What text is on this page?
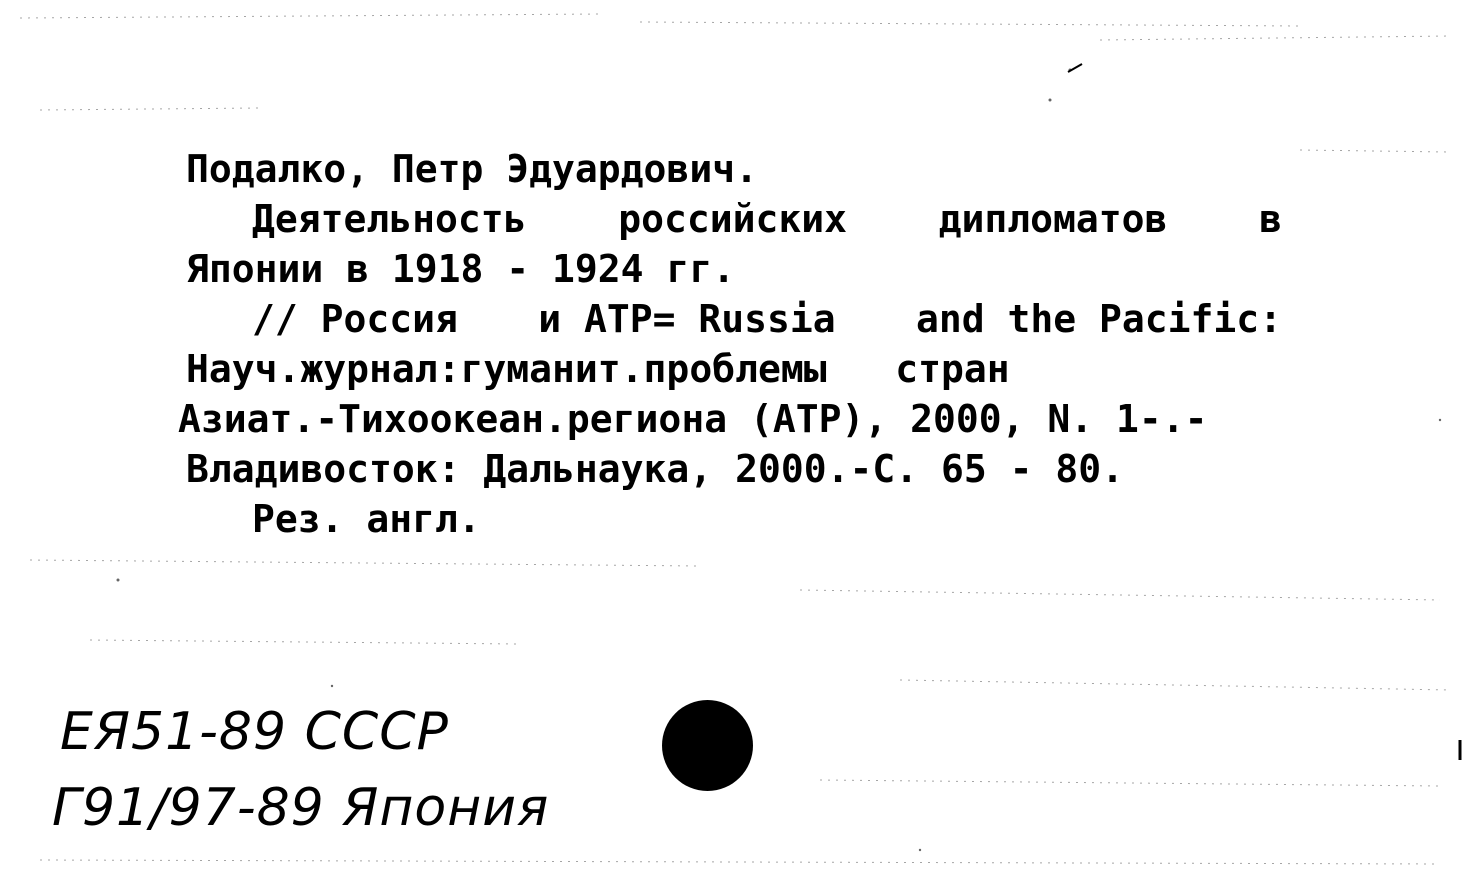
Подалко, Петр Эдуардович.
Деятельность российских дипломатов в
Японии в 1918 - 1924 гг.
// Россия и АТР= Russia and the Pacific:
Науч.журнал:гуманит.проблемы   стран
Азиат.-Тихоокеан.региона (АТР), 2000, N. 1-.-
Владивосток: Дальнаука, 2000.-С. 65 - 80.
Рез. англ.
ЕЯ51-89 СССР
Г91/97-89 Япония
